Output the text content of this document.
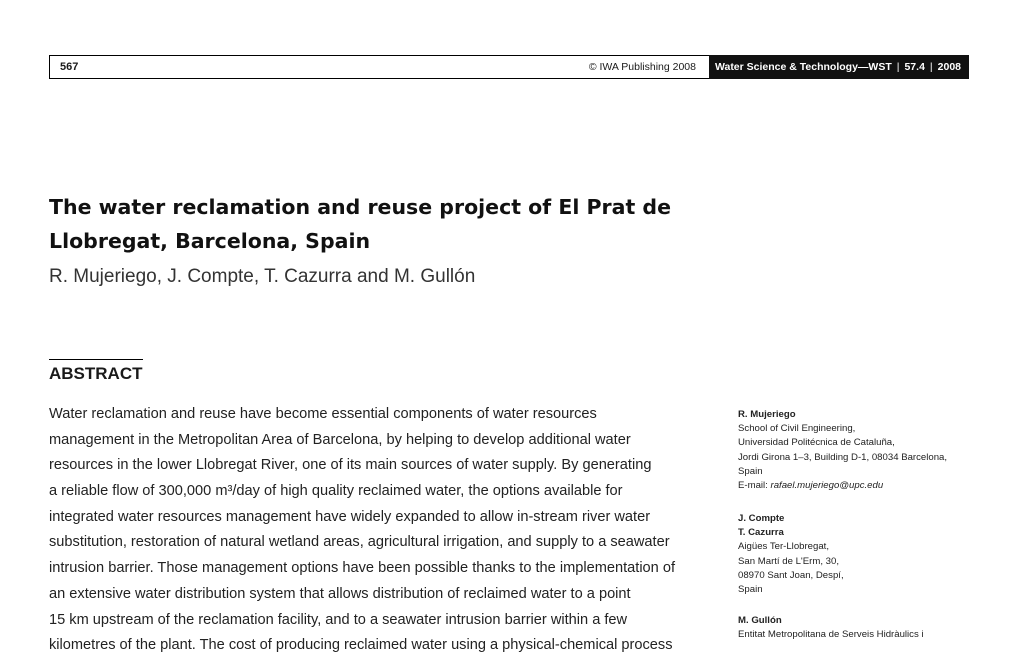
567	© IWA Publishing 2008 Water Science & Technology—WST | 57.4 | 2008
The water reclamation and reuse project of El Prat de
Llobregat, Barcelona, Spain
R. Mujeriego, J. Compte, T. Cazurra and M. Gullón
ABSTRACT
Water reclamation and reuse have become essential components of water resources
management in the Metropolitan Area of Barcelona, by helping to develop additional water
resources in the lower Llobregat River, one of its main sources of water supply. By generating
a reliable flow of 300,000 m³/day of high quality reclaimed water, the options available for
integrated water resources management have widely expanded to allow in-stream river water
substitution, restoration of natural wetland areas, agricultural irrigation, and supply to a seawater
intrusion barrier. Those management options have been possible thanks to the implementation of
an extensive water distribution system that allows distribution of reclaimed water to a point
15 km upstream of the reclamation facility, and to a seawater intrusion barrier within a few
kilometres of the plant. The cost of producing reclaimed water using a physical-chemical process
R. Mujeriego
School of Civil Engineering,
Universidad Politécnica de Cataluña,
Jordi Girona 1–3, Building D-1, 08034 Barcelona,
Spain
E-mail: rafael.mujeriego@upc.edu
J. Compte
T. Cazurra
Aigües Ter-Llobregat,
San Martí de L'Erm, 30,
08970 Sant Joan, Despí,
Spain
M. Gullón
Entitat Metropolitana de Serveis Hidràulics i
